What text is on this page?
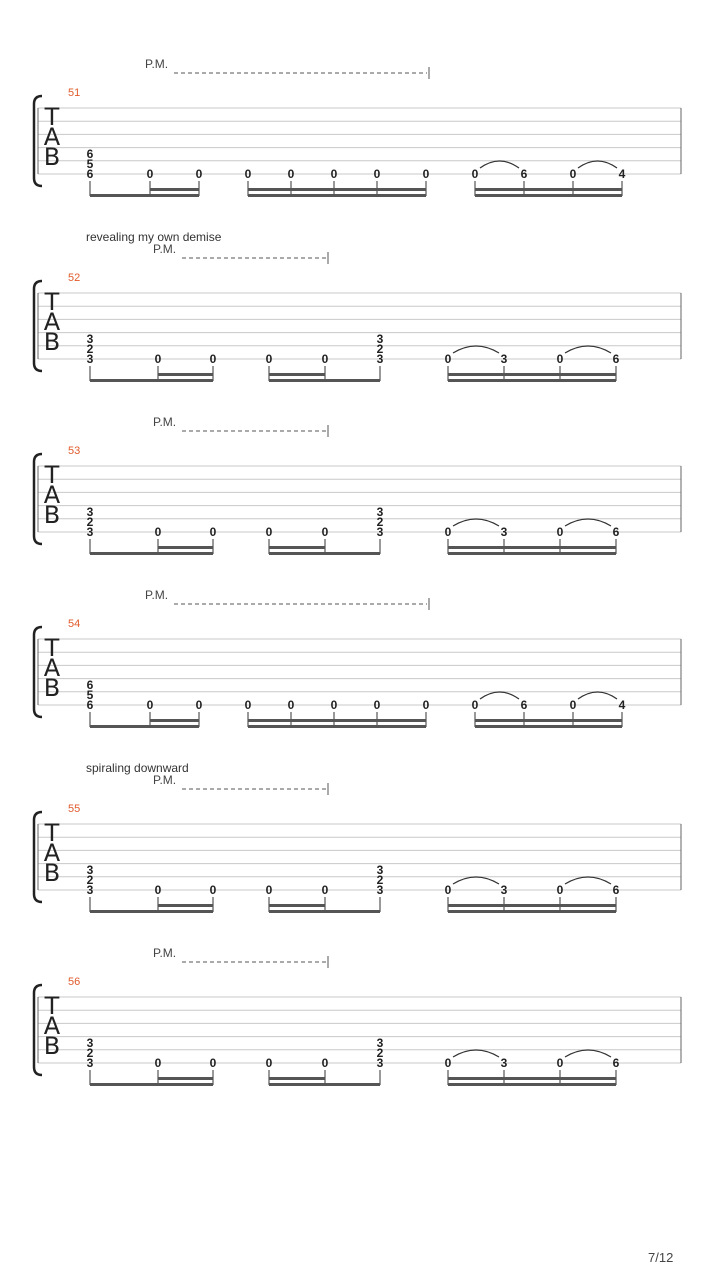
P.M.
51
T
A
B 6
5
6	0	0	0	0	0	0	0	0	6	0	4
revealing my own demise
P.M.
52
T
A
B 3
2
3
3
2
3
0	0	0	0	0	3	0	6
P.M.
53
T
A
B 3
2
3
3
2
3
0	0	0	0	0	3	0	6
P.M.
54
T
A
B 6
5
6	0	0	0	0	0	0	0	0	6	0	4
spiraling downward
P.M.
55
T
A
B 3
2
3
3
2
3
0	0	0	0	0	3	0	6
P.M.
56
T
A
B 3
2
3
3
2
3
0	0	0	0	0	3	0	6
7/12
